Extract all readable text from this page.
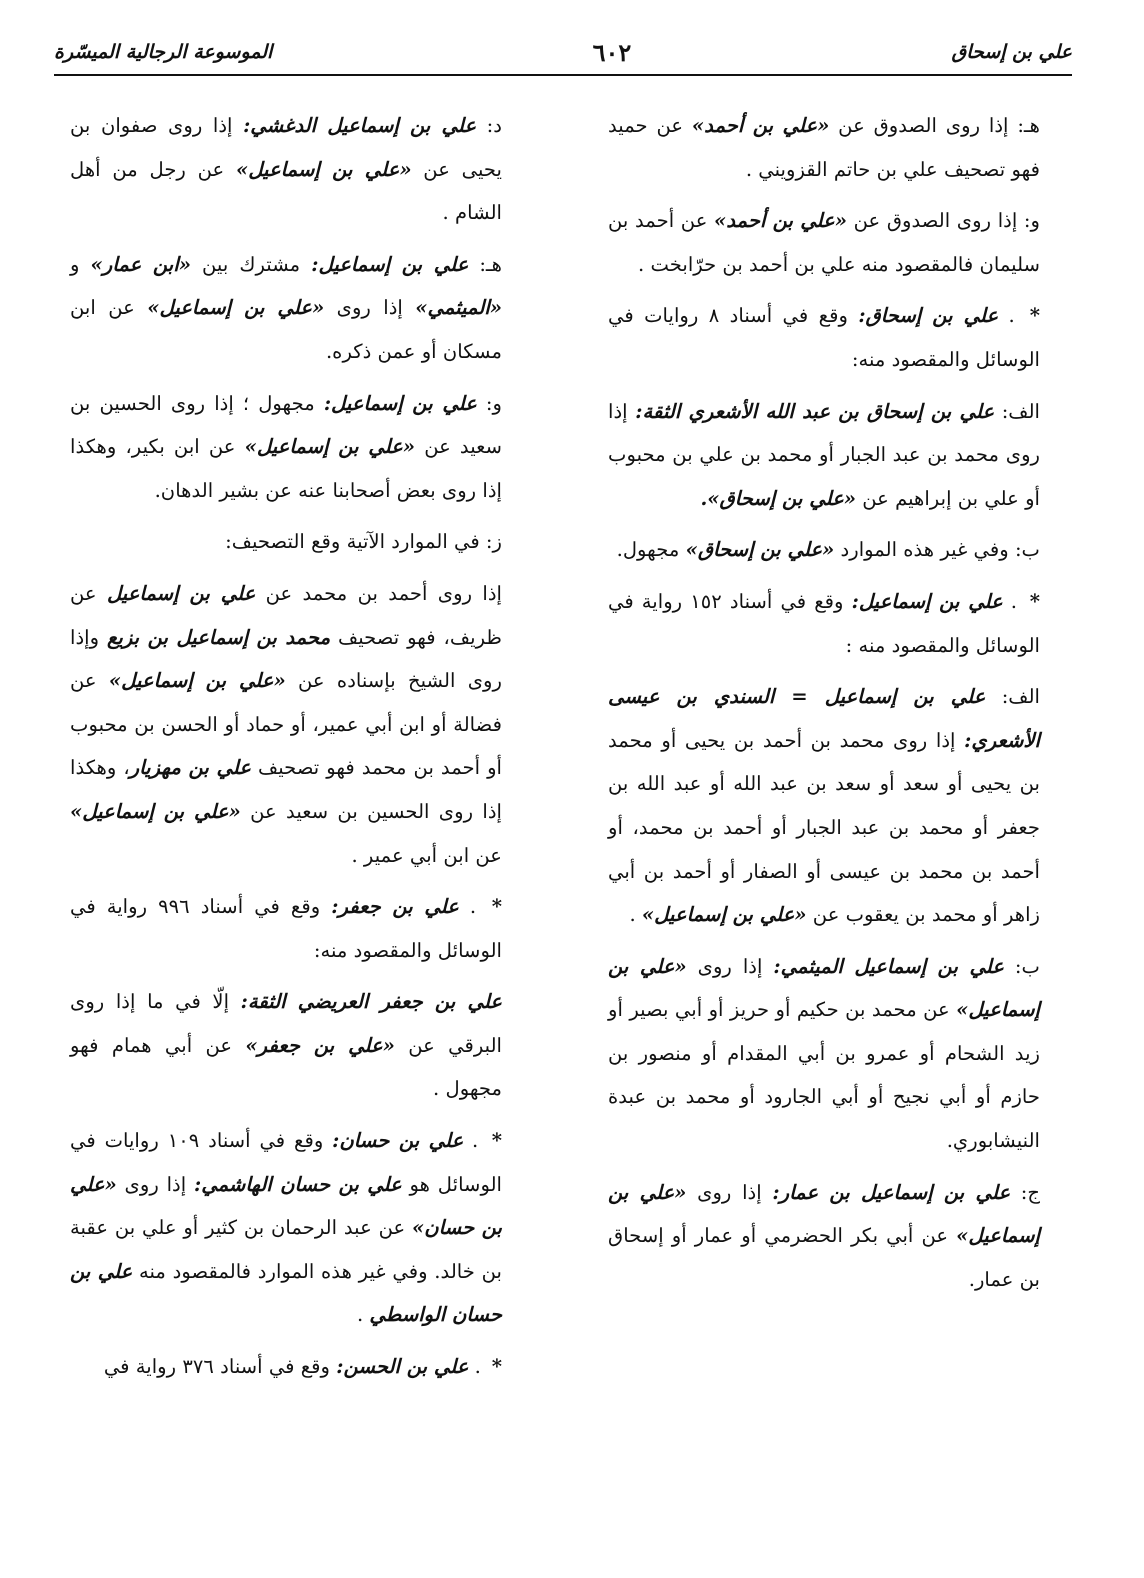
علي بن إسحاق
٦٠٢
الموسوعة الرجالية الميسّرة

هـ: إذا روى الصدوق عن «علي بن أحمد» عن حميد فهو تصحيف علي بن حاتم القزويني .

و: إذا روى الصدوق عن «علي بن أحمد» عن أحمد بن سليمان فالمقصود منه علي بن أحمد بن حرّابخت .

* . علي بن إسحاق: وقع في أسناد ٨ روايات في الوسائل والمقصود منه:

الف: علي بن إسحاق بن عبد الله الأشعري الثقة: إذا روى محمد بن عبد الجبار أو محمد بن علي بن محبوب أو علي بن إبراهيم عن «علي بن إسحاق».

ب: وفي غير هذه الموارد «علي بن إسحاق» مجهول.

* . علي بن إسماعيل: وقع في أسناد ١٥٢ رواية في الوسائل والمقصود منه :

الف: علي بن إسماعيل = السندي بن عيسى الأشعري: إذا روى محمد بن أحمد بن يحيى أو محمد بن يحيى أو سعد أو سعد بن عبد الله أو عبد الله بن جعفر أو محمد بن عبد الجبار أو أحمد بن محمد، أو أحمد بن محمد بن عيسى أو الصفار أو أحمد بن أبي زاهر أو محمد بن يعقوب عن «علي بن إسماعيل» .

ب: علي بن إسماعيل الميثمي: إذا روى «علي بن إسماعيل» عن محمد بن حكيم أو حريز أو أبي بصير أو زيد الشحام أو عمرو بن أبي المقدام أو منصور بن حازم أو أبي نجيح أو أبي الجارود أو محمد بن عبدة النيشابوري.

ج: علي بن إسماعيل بن عمار: إذا روى «علي بن إسماعيل» عن أبي بكر الحضرمي أو عمار أو إسحاق بن عمار.

د: علي بن إسماعيل الدغشي: إذا روى صفوان بن يحيى عن «علي بن إسماعيل» عن رجل من أهل الشام .

هـ: علي بن إسماعيل: مشترك بين «ابن عمار» و «الميثمي» إذا روى «علي بن إسماعيل» عن ابن مسكان أو عمن ذكره.

و: علي بن إسماعيل: مجهول ؛ إذا روى الحسين بن سعيد عن «علي بن إسماعيل» عن ابن بكير، وهكذا إذا روى بعض أصحابنا عنه عن بشير الدهان.

ز: في الموارد الآتية وقع التصحيف:

إذا روى أحمد بن محمد عن علي بن إسماعيل عن ظريف، فهو تصحيف محمد بن إسماعيل بن بزيع وإذا روى الشيخ بإسناده عن «علي بن إسماعيل» عن فضالة أو ابن أبي عمير، أو حماد أو الحسن بن محبوب أو أحمد بن محمد فهو تصحيف علي بن مهزيار، وهكذا إذا روى الحسين بن سعيد عن «علي بن إسماعيل» عن ابن أبي عمير .

* . علي بن جعفر: وقع في أسناد ٩٩٦ رواية في الوسائل والمقصود منه:

علي بن جعفر العريضي الثقة: إلّا في ما إذا روى البرقي عن «علي بن جعفر» عن أبي همام فهو مجهول .

* . علي بن حسان: وقع في أسناد ١٠٩ روايات في الوسائل هو علي بن حسان الهاشمي: إذا روى «علي بن حسان» عن عبد الرحمان بن كثير أو علي بن عقبة بن خالد. وفي غير هذه الموارد فالمقصود منه علي بن حسان الواسطي .

* . علي بن الحسن: وقع في أسناد ٣٧٦ رواية في
